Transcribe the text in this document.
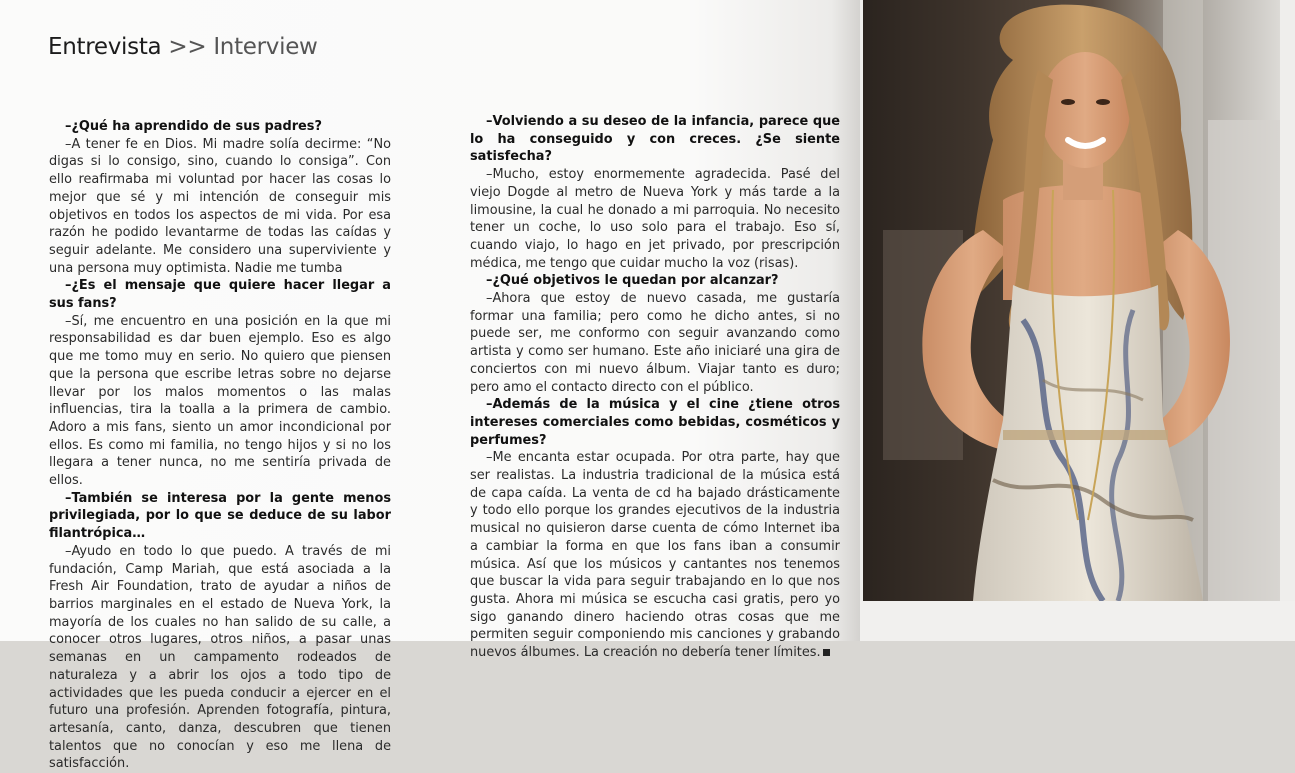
Entrevista >> Interview

–¿Qué ha aprendido de sus padres?

–A tener fe en Dios. Mi madre solía decirme: “No digas si lo consigo, sino, cuando lo consiga”. Con ello reafirmaba mi voluntad por hacer las cosas lo mejor que sé y mi intención de conseguir mis objetivos en todos los aspectos de mi vida. Por esa razón he podido levantarme de todas las caídas y seguir adelante. Me considero una superviviente y una persona muy optimista. Nadie me tumba

–¿Es el mensaje que quiere hacer llegar a sus fans?

–Sí, me encuentro en una posición en la que mi responsabilidad es dar buen ejemplo. Eso es algo que me tomo muy en serio. No quiero que piensen que la persona que escribe letras sobre no dejarse llevar por los malos momentos o las malas influencias, tira la toalla a la primera de cambio. Adoro a mis fans, siento un amor incondicional por ellos. Es como mi familia, no tengo hijos y si no los llegara a tener nunca, no me sentiría privada de ellos.

–También se interesa por la gente menos privilegiada, por lo que se deduce de su labor filantrópica…

–Ayudo en todo lo que puedo. A través de mi fundación, Camp Mariah, que está asociada a la Fresh Air Foundation, trato de ayudar a niños de barrios marginales en el estado de Nueva York, la mayoría de los cuales no han salido de su calle, a conocer otros lugares, otros niños, a pasar unas semanas en un campamento rodeados de naturaleza y a abrir los ojos a todo tipo de actividades que les pueda conducir a ejercer en el futuro una profesión. Aprenden fotografía, pintura, artesanía, canto, danza, descubren que tienen talentos que no conocían y eso me llena de satisfacción.

–Volviendo a su deseo de la infancia, parece que lo ha conseguido y con creces. ¿Se siente satisfecha?

–Mucho, estoy enormemente agradecida. Pasé del viejo Dogde al metro de Nueva York y más tarde a la limousine, la cual he donado a mi parroquia. No necesito tener un coche, lo uso solo para el trabajo. Eso sí, cuando viajo, lo hago en jet privado, por prescripción médica, me tengo que cuidar mucho la voz (risas).

–¿Qué objetivos le quedan por alcanzar?

–Ahora que estoy de nuevo casada, me gustaría formar una familia; pero como he dicho antes, si no puede ser, me conformo con seguir avanzando como artista y como ser humano. Este año iniciaré una gira de conciertos con mi nuevo álbum. Viajar tanto es duro; pero amo el contacto directo con el público.

–Además de la música y el cine ¿tiene otros intereses comerciales como bebidas, cosméticos y perfumes?

–Me encanta estar ocupada. Por otra parte, hay que ser realistas. La industria tradicional de la música está de capa caída. La venta de cd ha bajado drásticamente y todo ello porque los grandes ejecutivos de la industria musical no quisieron darse cuenta de cómo Internet iba a cambiar la forma en que los fans iban a consumir música. Así que los músicos y cantantes nos tenemos que buscar la vida para seguir trabajando en lo que nos gusta. Ahora mi música se escucha casi gratis, pero yo sigo ganando dinero haciendo otras cosas que me permiten seguir componiendo mis canciones y grabando nuevos álbumes. La creación no debería tener límites.
